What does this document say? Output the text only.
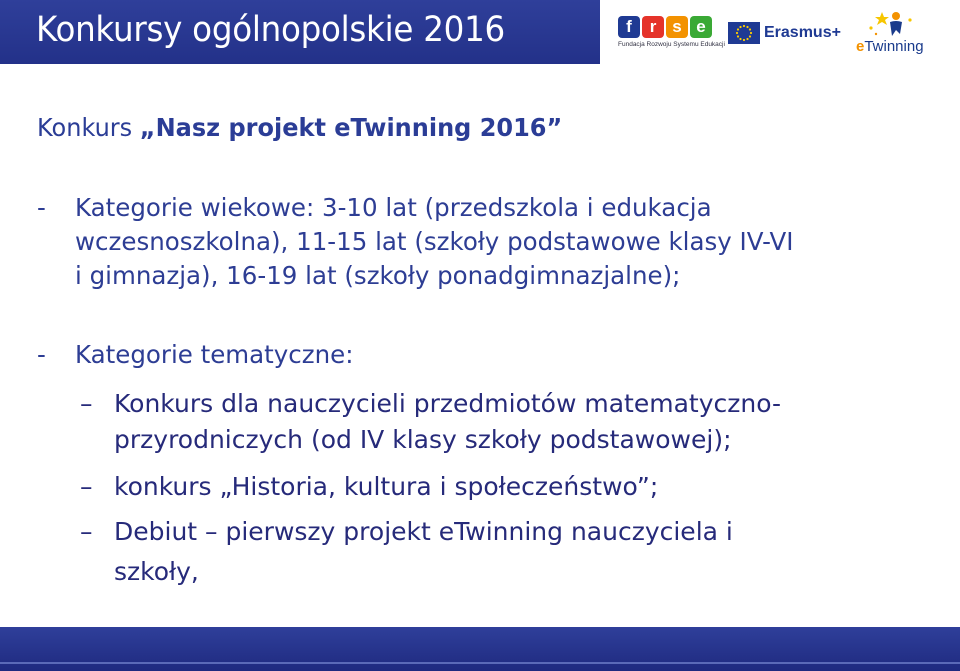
Konkursy ogólnopolskie 2016	f	r s e
Fundacja Rozwoju Systemu Edukacji
Erasmus+
eTwinning
Konkurs „Nasz projekt eTwinning 2016”
- Kategorie wiekowe: 3-10 lat (przedszkola i edukacja
wczesnoszkolna), 11-15 lat (szkoły podstawowe klasy IV-VI
i gimnazja), 16-19 lat (szkoły ponadgimnazjalne);
- Kategorie tematyczne:
– Konkurs dla nauczycieli przedmiotów matematyczno-
przyrodniczych (od IV klasy szkoły podstawowej);
– konkurs „Historia, kultura i społeczeństwo”;
– Debiut – pierwszy projekt eTwinning nauczyciela i
szkoły,
